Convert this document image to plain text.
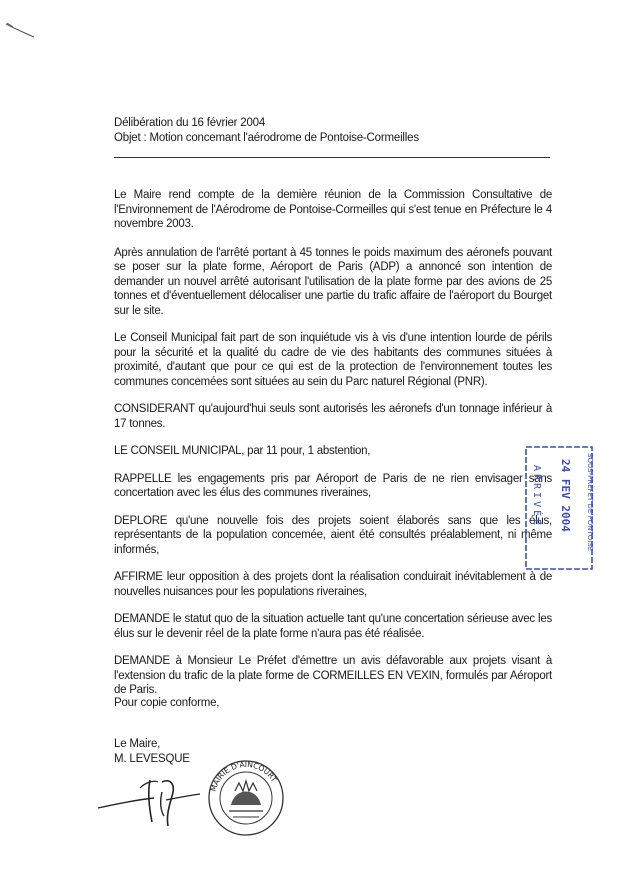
Délibération du 16 février 2004
Objet : Motion concemant l'aérodrome de Pontoise-Cormeilles

Le Maire rend compte de la demière réunion de la Commission Consultative de l'Environnement de l'Aérodrome de Pontoise-Cormeilles qui s'est tenue en Préfecture le 4 novembre 2003.

Après annulation de l'arrêté portant à 45 tonnes le poids maximum des aéronefs pouvant se poser sur la plate forme, Aéroport de Paris (ADP) a annoncé son intention de demander un nouvel arrêté autorisant l'utilisation de la plate forme par des avions de 25 tonnes et d'éventuellement délocaliser une partie du trafic affaire de l'aéroport du Bourget sur le site.

Le Conseil Municipal fait part de son inquiétude vis à vis d'une intention lourde de périls pour la sécurité et la qualité du cadre de vie des habitants des communes situées à proximité, d'autant que pour ce qui est de la protection de l'environnement toutes les communes concemées sont situées au sein du Parc naturel Régional (PNR).

CONSIDERANT qu'aujourd'hui seuls sont autorisés les aéronefs d'un tonnage inférieur à 17 tonnes.

LE CONSEIL MUNICIPAL, par 11 pour, 1 abstention,

RAPPELLE les engagements pris par Aéroport de Paris de ne rien envisager sans concertation avec les élus des communes riveraines,

DEPLORE qu'une nouvelle fois des projets soient élaborés sans que les élus, représentants de la population concemée, aient été consultés préalablement, ni même informés,

AFFIRME leur opposition à des projets dont la réalisation conduirait inévitablement à de nouvelles nuisances pour les populations riveraines,

DEMANDE le statut quo de la situation actuelle tant qu'une concertation sérieuse avec les élus sur le devenir réel de la plate forme n'aura pas été réalisée.

DEMANDE à Monsieur Le Préfet d'émettre un avis défavorable aux projets visant à l'extension du trafic de la plate forme de CORMEILLES EN VEXIN, formulés par Aéroport de Paris.

Pour copie conforme,
Le Maire,
M. LEVESQUE
MAIRIE D'AINCOURT
SOUS-PRÉFET DE PONTOISE
24 FEV 2004
ARRIVÉE
